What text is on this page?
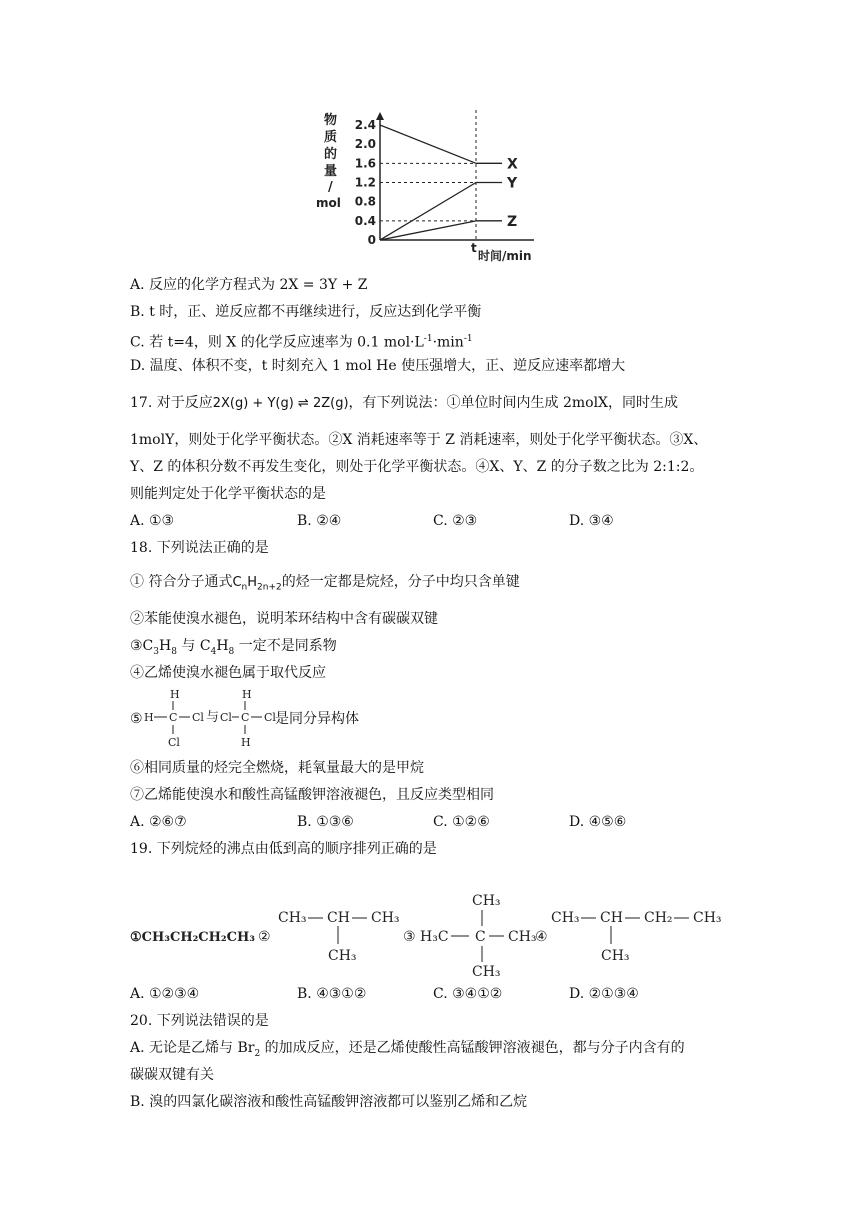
物
质
的
量
/
mol
2.4
2.0
1.6
1.2
0.8
0.4
0
X
Y
Z
t
时间/min
A. 反应的化学方程式为 2X = 3Y + Z
B. t 时，正、逆反应都不再继续进行，反应达到化学平衡
C. 若 t=4，则 X 的化学反应速率为 0.1 $mol\cdot L^{-1}\cdot\min^{-1}$
D. 温度、体积不变，t 时刻充入 1 mol He 使压强增大，正、逆反应速率都增大
17. 对于反应2X(g) + Y(g) ⇌ 2Z(g)，有下列说法：①单位时间内生成 2molX，同时生成
1molY，则处于化学平衡状态。②X 消耗速率等于 Z 消耗速率，则处于化学平衡状态。③X、
Y、Z 的体积分数不再发生变化，则处于化学平衡状态。④X、Y、Z 的分子数之比为 2:1:2。
则能判定处于化学平衡状态的是
A. ①③	B. ②④	C. ②③	D. ③④
18. 下列说法正确的是
① 符合分子通式$C_nH_{2n+2}$的烃一定都是烷烃，分子中均只含单键
②苯能使溴水褪色，说明苯环结构中含有碳碳双键
$③C_3H_8$ 与 $C_4H_8$ 一定不是同系物
④乙烯使溴水褪色属于取代反应
⑤
H
H C Cl
Cl
与
H
Cl C Cl
H
是同分异构体
⑥相同质量的烃完全燃烧，耗氧量最大的是甲烷
⑦乙烯能使溴水和酸性高锰酸钾溶液褪色，且反应类型相同
A. ②⑥⑦	B. ①③⑥	C. ①②⑥	D. ④⑤⑥
19. 下列烷烃的沸点由低到高的顺序排列正确的是
①CH₃CH₂CH₂CH₃ ②
CH₃ CH CH₃
CH₃
③
CH₃
H₃C C CH₃
CH₃
④
CH₃ CH CH₂ CH₃
CH₃
A. ①②③④	B. ④③①②	C. ③④①②	D. ②①③④
20. 下列说法错误的是
A. 无论是乙烯与 $Br_2$ 的加成反应，还是乙烯使酸性高锰酸钾溶液褪色，都与分子内含有的
碳碳双键有关
B. 溴的四氯化碳溶液和酸性高锰酸钾溶液都可以鉴别乙烯和乙烷
